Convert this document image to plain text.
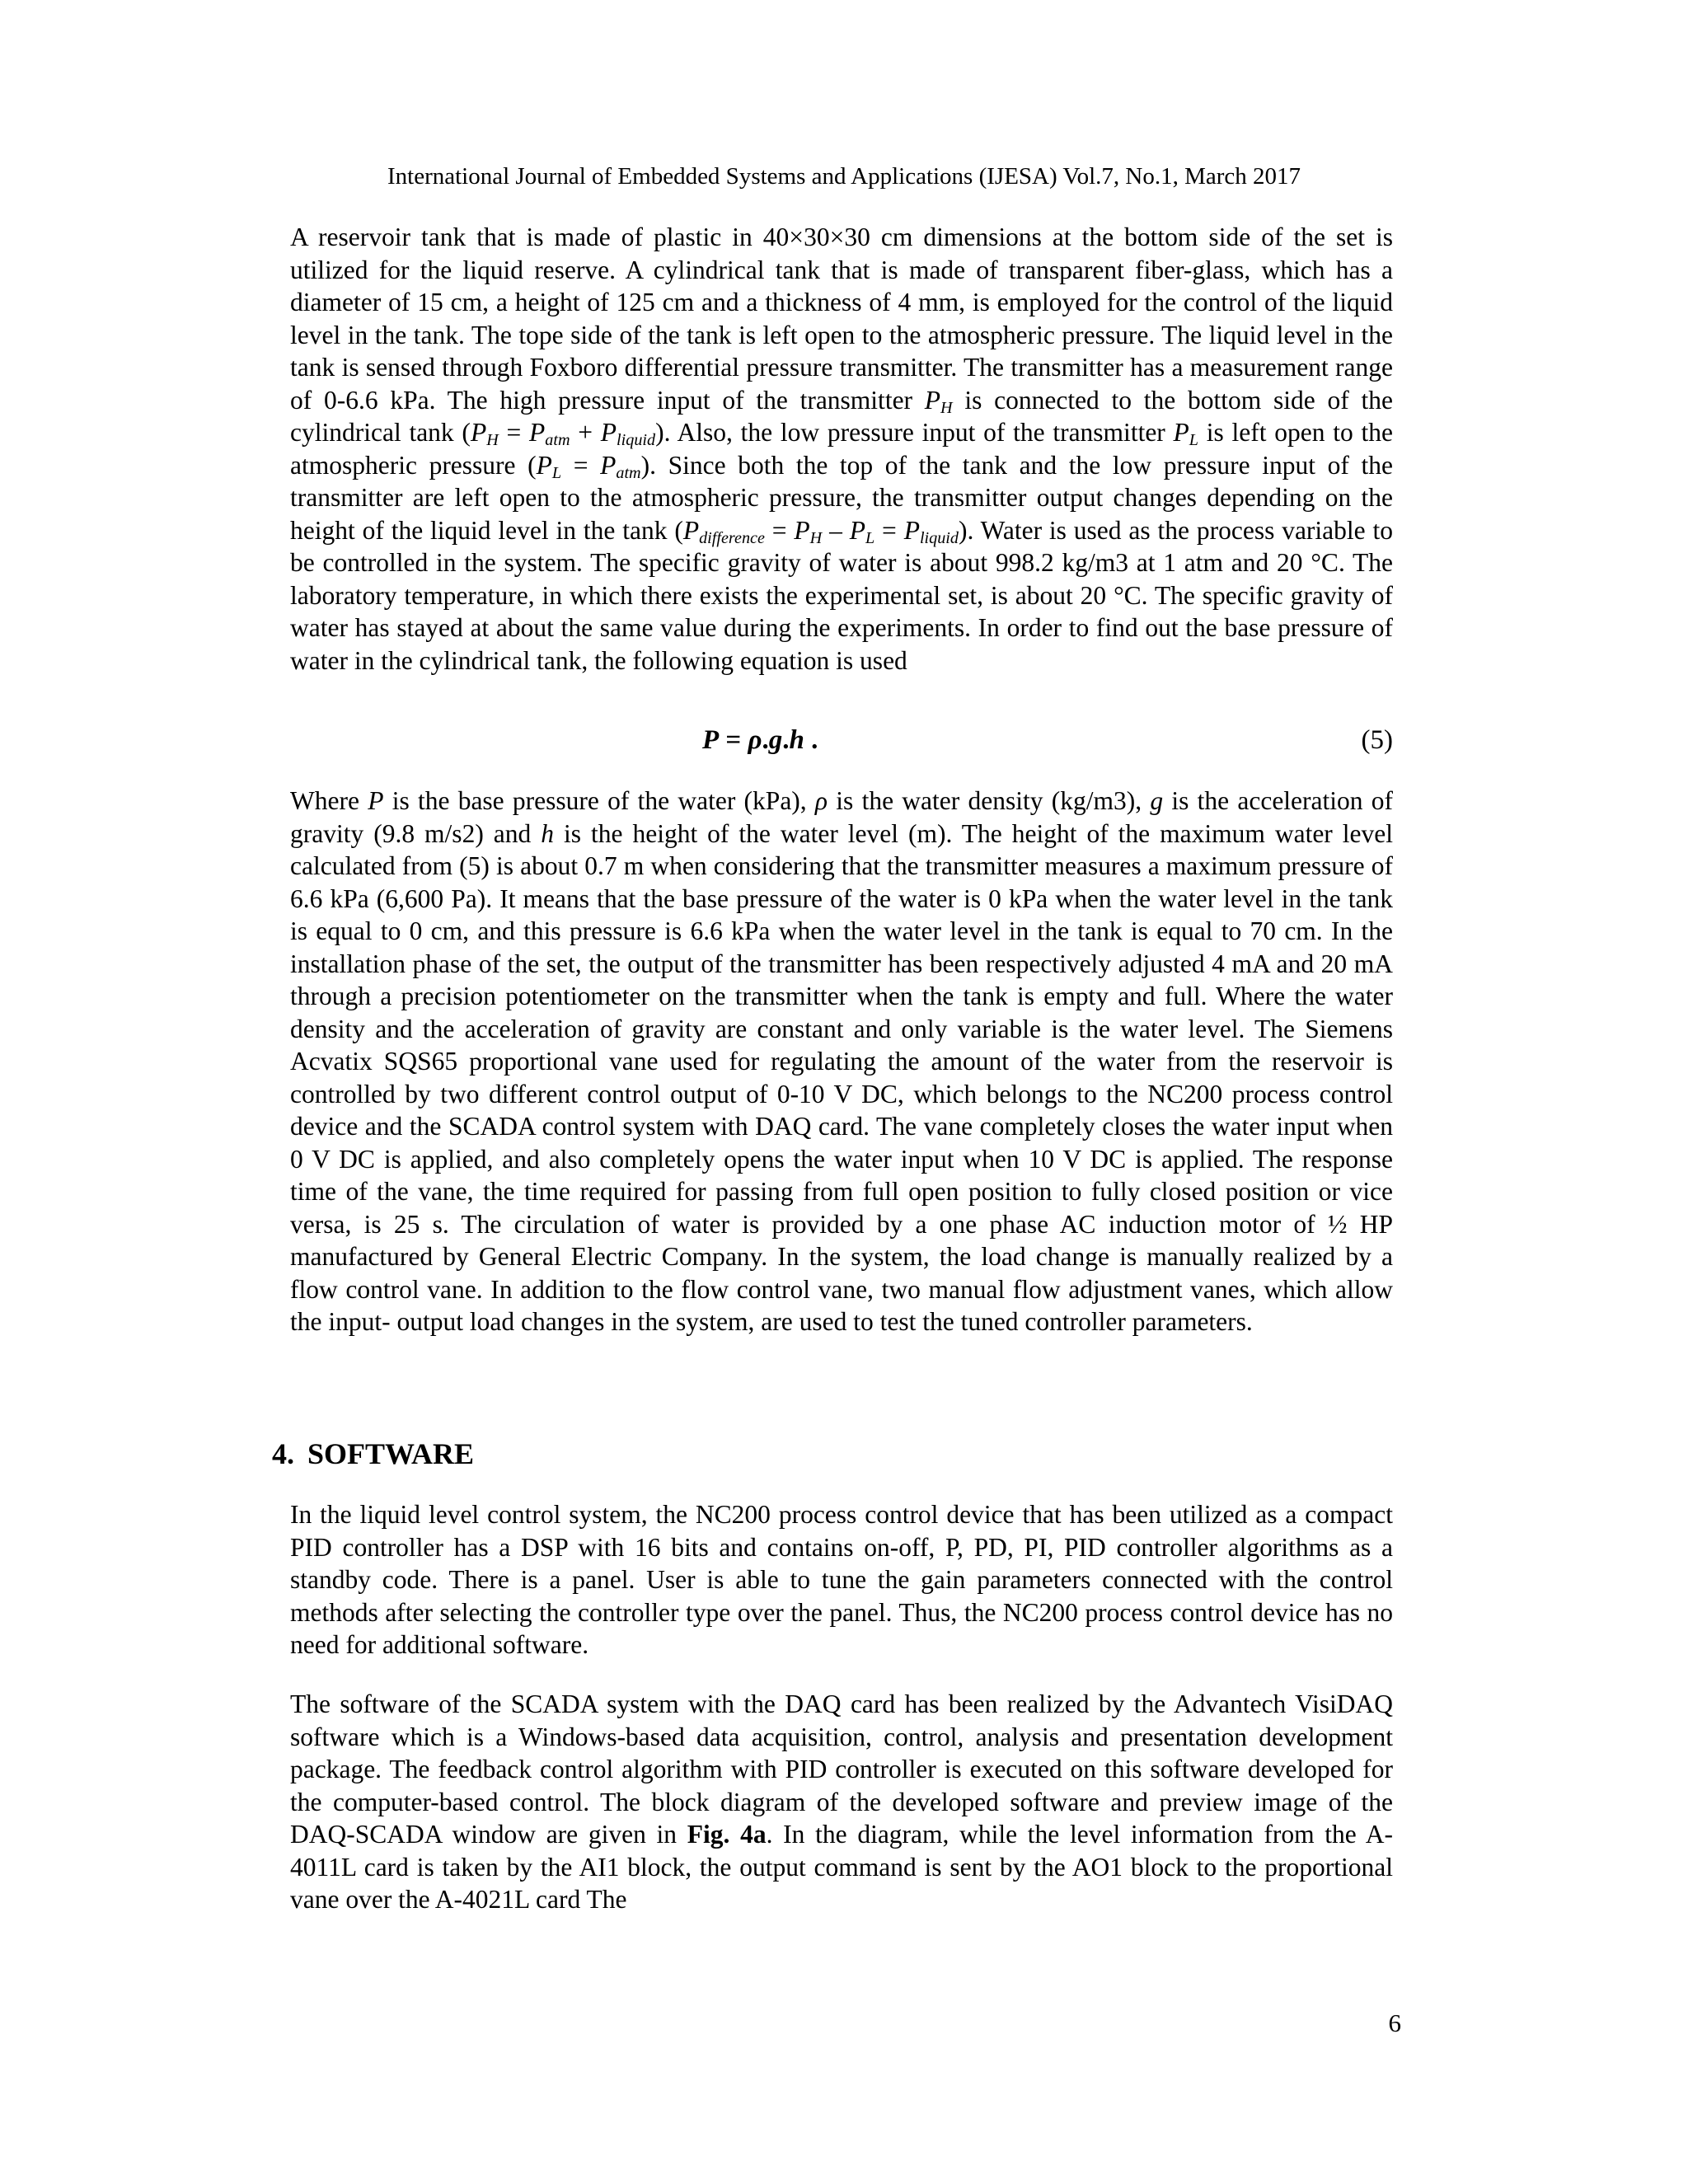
International Journal of Embedded Systems and Applications (IJESA) Vol.7, No.1, March 2017
A reservoir tank that is made of plastic in 40×30×30 cm dimensions at the bottom side of the set is utilized for the liquid reserve. A cylindrical tank that is made of transparent fiber-glass, which has a diameter of 15 cm, a height of 125 cm and a thickness of 4 mm, is employed for the control of the liquid level in the tank. The tope side of the tank is left open to the atmospheric pressure. The liquid level in the tank is sensed through Foxboro differential pressure transmitter. The transmitter has a measurement range of 0-6.6 kPa. The high pressure input of the transmitter $P_H$ is connected to the bottom side of the cylindrical tank $(P_H = P_{atm} + P_{liquid})$. Also, the low pressure input of the transmitter $P_L$ is left open to the atmospheric pressure $(P_L = P_{atm})$. Since both the top of the tank and the low pressure input of the transmitter are left open to the atmospheric pressure, the transmitter output changes depending on the height of the liquid level in the tank $(P_{difference} = P_H - P_L = P_{liquid})$. Water is used as the process variable to be controlled in the system. The specific gravity of water is about 998.2 kg/m3 at 1 atm and 20 °C. The laboratory temperature, in which there exists the experimental set, is about 20 °C. The specific gravity of water has stayed at about the same value during the experiments. In order to find out the base pressure of water in the cylindrical tank, the following equation is used
P = ρ.g.h .	(5)
Where P is the base pressure of the water (kPa), ρ is the water density (kg/m3), g is the acceleration of gravity (9.8 m/s2) and h is the height of the water level (m). The height of the maximum water level calculated from (5) is about 0.7 m when considering that the transmitter measures a maximum pressure of 6.6 kPa (6,600 Pa). It means that the base pressure of the water is 0 kPa when the water level in the tank is equal to 0 cm, and this pressure is 6.6 kPa when the water level in the tank is equal to 70 cm. In the installation phase of the set, the output of the transmitter has been respectively adjusted 4 mA and 20 mA through a precision potentiometer on the transmitter when the tank is empty and full. Where the water density and the acceleration of gravity are constant and only variable is the water level. The Siemens Acvatix SQS65 proportional vane used for regulating the amount of the water from the reservoir is controlled by two different control output of 0-10 V DC, which belongs to the NC200 process control device and the SCADA control system with DAQ card. The vane completely closes the water input when 0 V DC is applied, and also completely opens the water input when 10 V DC is applied. The response time of the vane, the time required for passing from full open position to fully closed position or vice versa, is 25 s. The circulation of water is provided by a one phase AC induction motor of ½ HP manufactured by General Electric Company. In the system, the load change is manually realized by a flow control vane. In addition to the flow control vane, two manual flow adjustment vanes, which allow the input- output load changes in the system, are used to test the tuned controller parameters.
4. SOFTWARE
In the liquid level control system, the NC200 process control device that has been utilized as a compact PID controller has a DSP with 16 bits and contains on-off, P, PD, PI, PID controller algorithms as a standby code. There is a panel. User is able to tune the gain parameters connected with the control methods after selecting the controller type over the panel. Thus, the NC200 process control device has no need for additional software.
The software of the SCADA system with the DAQ card has been realized by the Advantech VisiDAQ software which is a Windows-based data acquisition, control, analysis and presentation development package. The feedback control algorithm with PID controller is executed on this software developed for the computer-based control. The block diagram of the developed software and preview image of the DAQ-SCADA window are given in Fig. 4a. In the diagram, while the level information from the A-4011L card is taken by the AI1 block, the output command is sent by the AO1 block to the proportional vane over the A-4021L card The
6
